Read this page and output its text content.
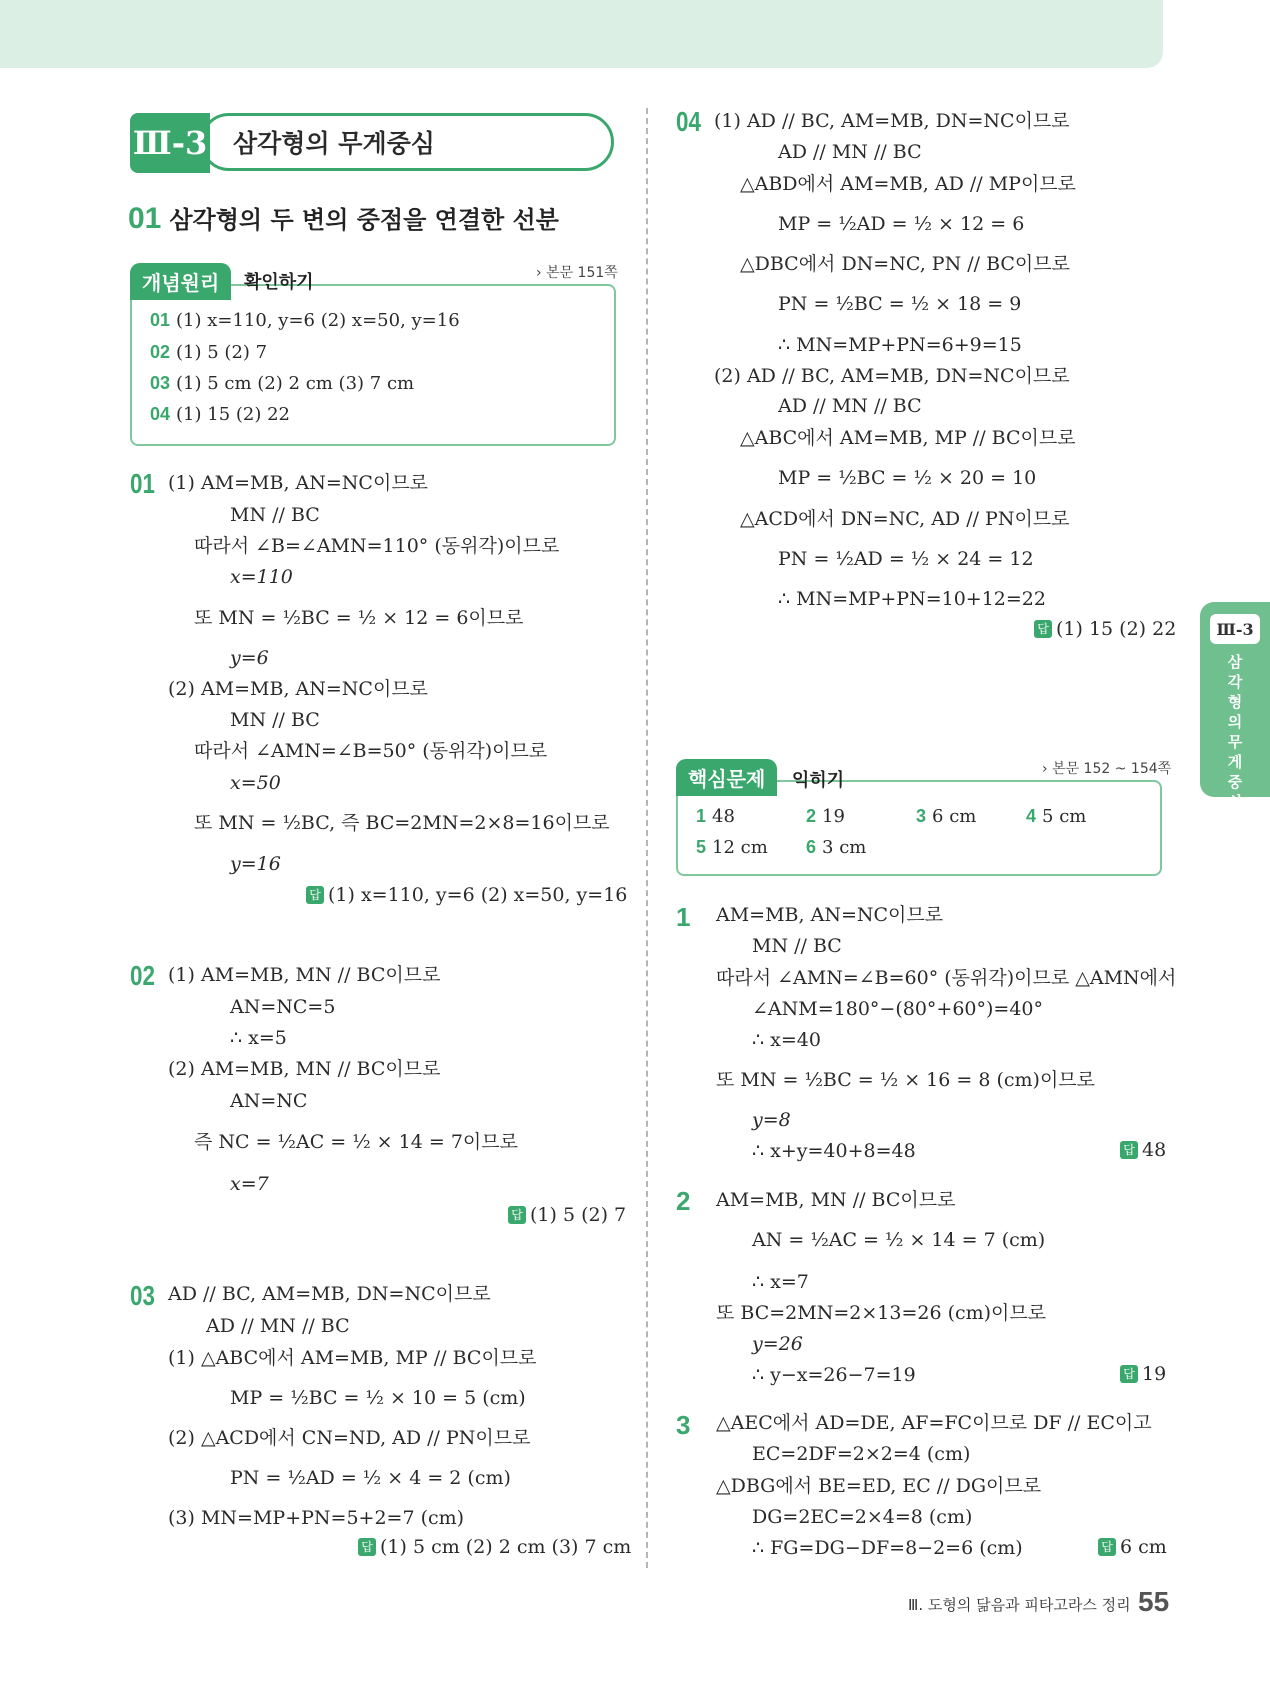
삼각형의 무게중심
Ⅲ-3
01 삼각형의 두 변의 중점을 연결한 선분
개념원리	확인하기	› 본문 151쪽
01 (1) x=110, y=6 (2) x=50, y=16
02 (1) 5 (2) 7
03 (1) 5 cm (2) 2 cm (3) 7 cm
04 (1) 15 (2) 22
01 (1) AM=MB, AN=NC이므로
MN // BC
따라서 ∠B=∠AMN=110° (동위각)이므로
x=110
또 MN = ½BC = ½ × 12 = 6이므로
y=6
(2) AM=MB, AN=NC이므로
MN // BC
따라서 ∠AMN=∠B=50° (동위각)이므로
x=50
또 MN = ½BC, 즉 BC=2MN=2×8=16이므로
y=16
답 (1) x=110, y=6 (2) x=50, y=16
02 (1) AM=MB, MN // BC이므로
AN=NC=5
∴ x=5
(2) AM=MB, MN // BC이므로
AN=NC
즉 NC = ½AC = ½ × 14 = 7이므로
x=7
답 (1) 5 (2) 7
03 AD // BC, AM=MB, DN=NC이므로
AD // MN // BC
(1) △ABC에서 AM=MB, MP // BC이므로
MP = ½BC = ½ × 10 = 5 (cm)
(2) △ACD에서 CN=ND, AD // PN이므로
PN = ½AD = ½ × 4 = 2 (cm)
(3) MN=MP+PN=5+2=7 (cm)
답 (1) 5 cm (2) 2 cm (3) 7 cm
04 (1) AD // BC, AM=MB, DN=NC이므로
AD // MN // BC
△ABD에서 AM=MB, AD // MP이므로
MP = ½AD = ½ × 12 = 6
△DBC에서 DN=NC, PN // BC이므로
PN = ½BC = ½ × 18 = 9
∴ MN=MP+PN=6+9=15
(2) AD // BC, AM=MB, DN=NC이므로
AD // MN // BC
△ABC에서 AM=MB, MP // BC이므로
MP = ½BC = ½ × 20 = 10
△ACD에서 DN=NC, AD // PN이므로
PN = ½AD = ½ × 24 = 12
∴ MN=MP+PN=10+12=22
답 (1) 15 (2) 22
핵심문제	익히기
› 본문 152 ~ 154쪽
1 48	2 19	3 6 cm	4 5 cm
5 12 cm 6 3 cm
1 AM=MB, AN=NC이므로
MN // BC
따라서 ∠AMN=∠B=60° (동위각)이므로 △AMN에서
∠ANM=180°−(80°+60°)=40°
∴ x=40
또 MN = ½BC = ½ × 16 = 8 (cm)이므로
y=8
∴ x+y=40+8=48	답 48
2 AM=MB, MN // BC이므로
AN = ½AC = ½ × 14 = 7 (cm)
∴ x=7
또 BC=2MN=2×13=26 (cm)이므로
y=26
∴ y−x=26−7=19	답 19
3 △AEC에서 AD=DE, AF=FC이므로 DF // EC이고
EC=2DF=2×2=4 (cm)
△DBG에서 BE=ED, EC // DG이므로
DG=2EC=2×4=8 (cm)
∴ FG=DG−DF=8−2=6 (cm)	답 6 cm
Ⅲ-3
삼각형의 무게중심
Ⅲ. 도형의 닮음과 피타고라스 정리 55
